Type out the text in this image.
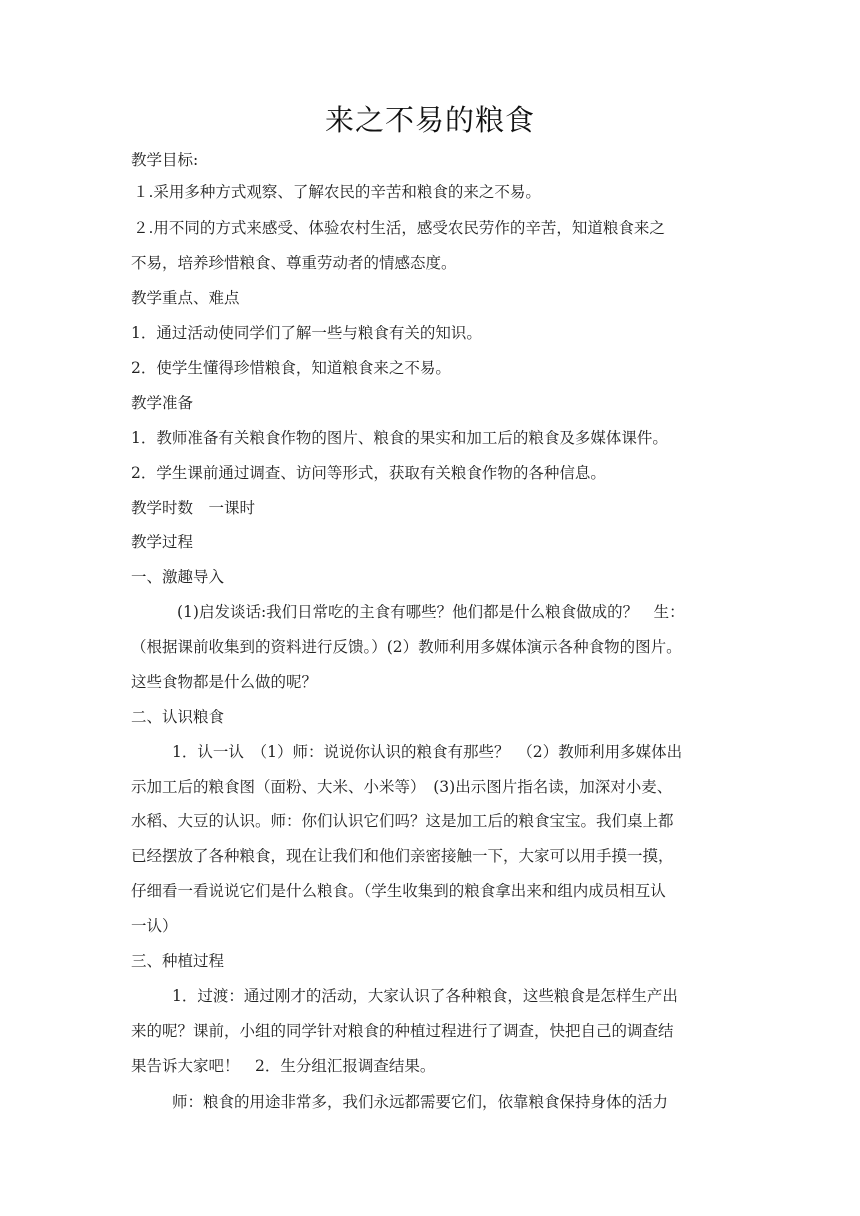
来之不易的粮食
教学目标:
１.采用多种方式观察、了解农民的辛苦和粮食的来之不易。
２.用不同的方式来感受、体验农村生活，感受农民劳作的辛苦，知道粮食来之
不易，培养珍惜粮食、尊重劳动者的情感态度。
教学重点、难点
1．通过活动使同学们了解一些与粮食有关的知识。
2．使学生懂得珍惜粮食，知道粮食来之不易。
教学准备
1．教师准备有关粮食作物的图片、粮食的果实和加工后的粮食及多媒体课件。
2．学生课前通过调查、访问等形式，获取有关粮食作物的各种信息。
教学时数　一课时
教学过程
一、激趣导入
(1)启发谈话:我们日常吃的主食有哪些？他们都是什么粮食做成的？　生：
（根据课前收集到的资料进行反馈。）(2）教师利用多媒体演示各种食物的图片。
这些食物都是什么做的呢？
二、认识粮食
1．认一认　（1）师：说说你认识的粮食有那些？　（2）教师利用多媒体出
示加工后的粮食图（面粉、大米、小米等）　(3)出示图片指名读，加深对小麦、
水稻、大豆的认识。师：你们认识它们吗？这是加工后的粮食宝宝。我们桌上都
已经摆放了各种粮食，现在让我们和他们亲密接触一下，大家可以用手摸一摸，
仔细看一看说说它们是什么粮食。（学生收集到的粮食拿出来和组内成员相互认
一认）
三、种植过程
1．过渡：通过刚才的活动，大家认识了各种粮食，这些粮食是怎样生产出
来的呢？课前，小组的同学针对粮食的种植过程进行了调查，快把自己的调查结
果告诉大家吧！　2．生分组汇报调查结果。
师：粮食的用途非常多，我们永远都需要它们，依靠粮食保持身体的活力
